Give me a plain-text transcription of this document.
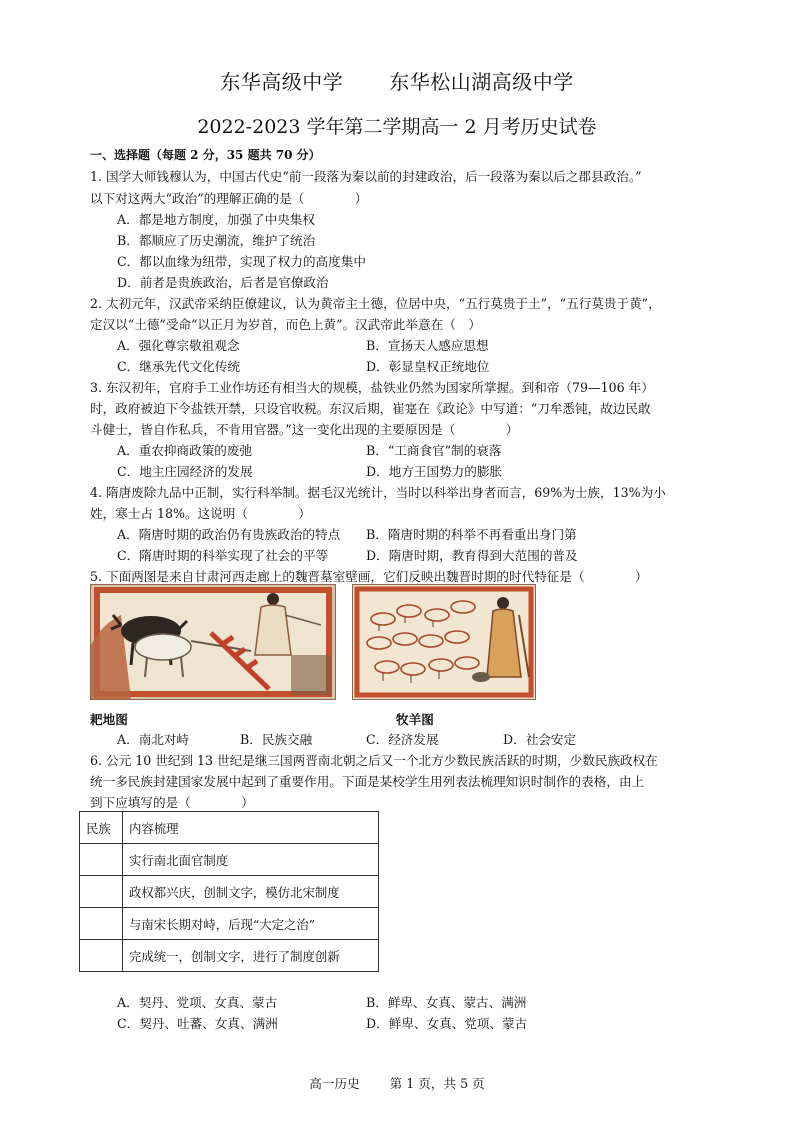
东华高级中学 东华松山湖高级中学
2022-2023 学年第二学期高一 2 月考历史试卷
一、选择题（每题 2 分，35 题共 70 分）
1. 国学大师钱穆认为，中国古代史“前一段落为秦以前的封建政治，后一段落为秦以后之郡县政治。”
以下对这两大“政治”的理解正确的是（　　　　）
A．都是地方制度，加强了中央集权
B．都顺应了历史潮流，维护了统治
C．都以血缘为纽带，实现了权力的高度集中
D．前者是贵族政治，后者是官僚政治
2. 太初元年，汉武帝采纳臣僚建议，认为黄帝主土德，位居中央，“五行莫贵于土”，“五行莫贵于黄”，
定汉以“土德”受命“以正月为岁首，而色上黄”。汉武帝此举意在（　）
A．强化尊宗敬祖观念	B．宣扬天人感应思想
C．继承先代文化传统	D．彰显皇权正统地位
3. 东汉初年，官府手工业作坊还有相当大的规模，盐铁业仍然为国家所掌握。到和帝（79—106 年）
时，政府被迫下令盐铁开禁，只设官收税。东汉后期，崔寔在《政论》中写道：“刀牟悉钝，故边民敢
斗健士，皆自作私兵，不肯用官器。”这一变化出现的主要原因是（　　　　）
A．重农抑商政策的废弛	B．“工商食官”制的衰落
C．地主庄园经济的发展	D．地方王国势力的膨胀
4. 隋唐废除九品中正制，实行科举制。据毛汉光统计，当时以科举出身者而言，69%为士族，13%为小
姓，寒士占 18%。这说明（　　　　）
A．隋唐时期的政治仍有贵族政治的特点 B．隋唐时期的科举不再看重出身门第
C．隋唐时期的科举实现了社会的平等	D．隋唐时期，教育得到大范围的普及
5. 下面两图是来自甘肃河西走廊上的魏晋墓室壁画，它们反映出魏晋时期的时代特征是（　　　　）
耙地图	牧羊图
A．南北对峙	B．民族交融	C．经济发展	D．社会安定
6. 公元 10 世纪到 13 世纪是继三国两晋南北朝之后又一个北方少数民族活跃的时期，少数民族政权在
统一多民族封建国家发展中起到了重要作用。下面是某校学生用列表法梳理知识时制作的表格，由上
到下应填写的是（　　　　）
民族	内容梳理
	实行南北面官制度
	政权都兴庆，创制文字，模仿北宋制度
	与南宋长期对峙，后现“大定之治”
	完成统一，创制文字，进行了制度创新
A．契丹、党项、女真、蒙古	B．鲜卑、女真、蒙古、满洲
C．契丹、吐蕃、女真、满洲	D．鲜卑、女真、党项、蒙古
高一历史 第 1 页，共 5 页
